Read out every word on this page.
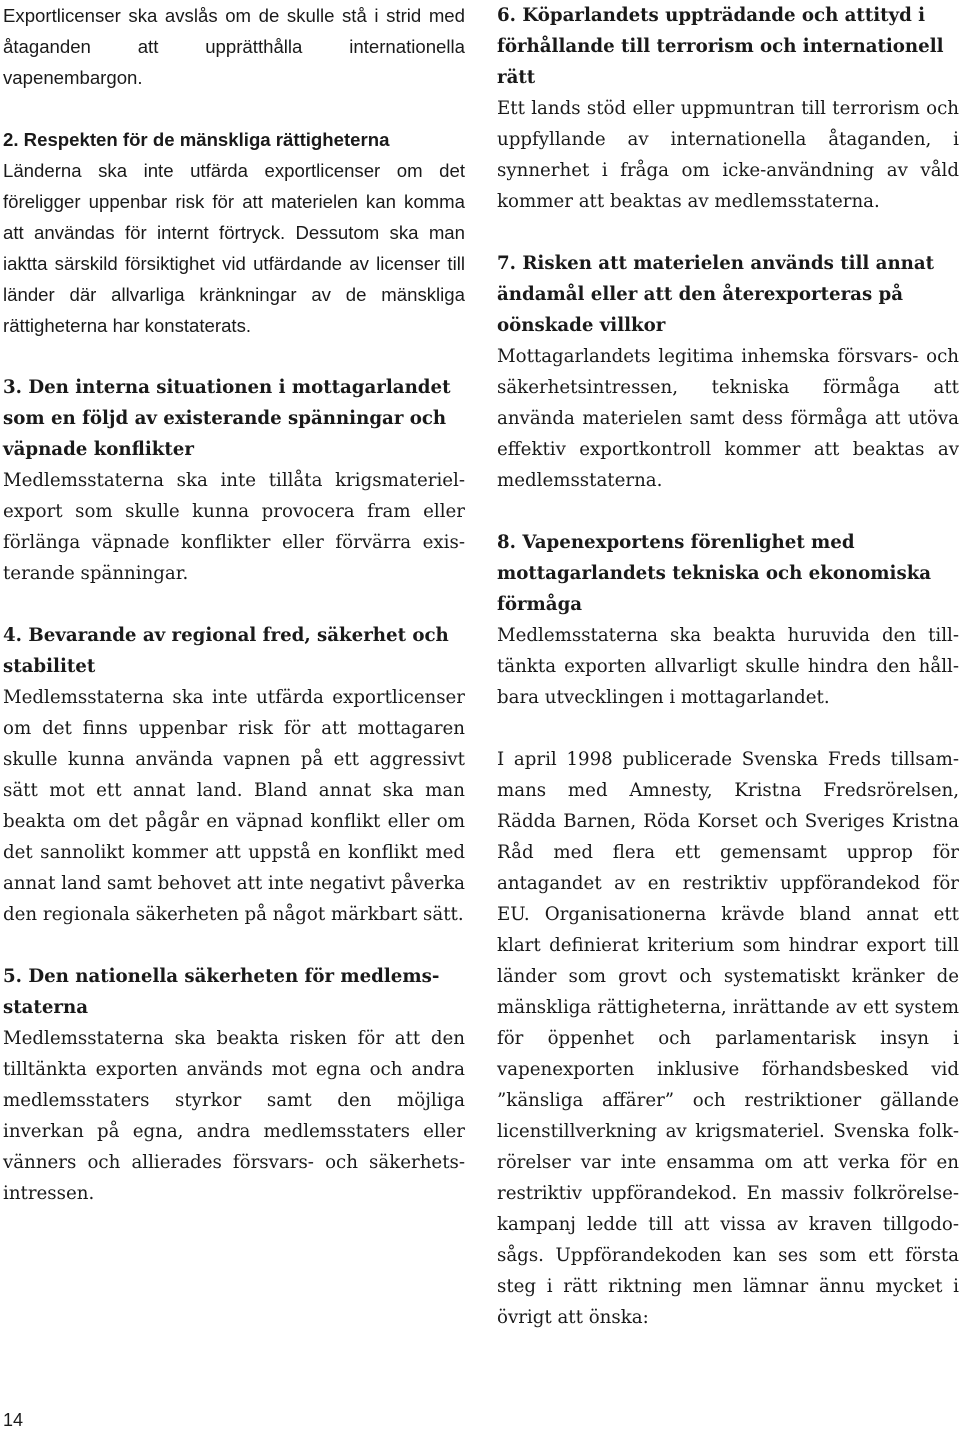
Exportlicenser ska avslås om de skulle stå i strid med åtaganden att upprätthålla internationella vapenembargon.

2. Respekten för de mänskliga rättigheterna
Länderna ska inte utfärda exportlicenser om det föreligger uppenbar risk för att materielen kan komma att användas för internt förtryck. Dessutom ska man iaktta särskild försiktighet vid utfärdande av licenser till länder där allvarliga kränkningar av de mänskliga rättigheterna har konstaterats.
3. Den interna situationen i mottagarlandet som en följd av existerande spänningar och väpnade konflikter
Medlemsstaterna ska inte tillåta krigsmaterielexport som skulle kunna provocera fram eller förlänga väpnade konflikter eller förvärra existerande spänningar.
4. Bevarande av regional fred, säkerhet och stabilitet
Medlemsstaterna ska inte utfärda exportlicenser om det finns uppenbar risk för att mottagaren skulle kunna använda vapnen på ett aggressivt sätt mot ett annat land. Bland annat ska man beakta om det pågår en väpnad konflikt eller om det sannolikt kommer att uppstå en konflikt med annat land samt behovet att inte negativt påverka den regionala säkerheten på något märkbart sätt.
5. Den nationella säkerheten för medlemsstaterna
Medlemsstaterna ska beakta risken för att den tilltänkta exporten används mot egna och andra medlemsstaters styrkor samt den möjliga inverkan på egna, andra medlemsstaters eller vänners och allierades försvars- och säkerhetsintressen.
6. Köparlandets uppträdande och attityd i förhållande till terrorism och internationell rätt
Ett lands stöd eller uppmuntran till terrorism och uppfyllande av internationella åtaganden, i synnerhet i fråga om icke-användning av våld kommer att beaktas av medlemsstaterna.
7. Risken att materielen används till annat ändamål eller att den återexporteras på oönskade villkor
Mottagarlandets legitima inhemska försvars- och säkerhetsintressen, tekniska förmåga att använda materielen samt dess förmåga att utöva effektiv exportkontroll kommer att beaktas av medlemsstaterna.
8. Vapenexportens förenlighet med mottagarlandets tekniska och ekonomiska förmåga
Medlemsstaterna ska beakta huruvida den tilltänkta exporten allvarligt skulle hindra den hållbara utvecklingen i mottagarlandet.

I april 1998 publicerade Svenska Freds tillsammans med Amnesty, Kristna Fredsrörelsen, Rädda Barnen, Röda Korset och Sveriges Kristna Råd med flera ett gemensamt upprop för antagandet av en restriktiv uppförandekod för EU. Organisationerna krävde bland annat ett klart definierat kriterium som hindrar export till länder som grovt och systematiskt kränker de mänskliga rättigheterna, inrättande av ett system för öppenhet och parlamentarisk insyn i vapenexporten inklusive förhandsbesked vid ”känsliga affärer” och restriktioner gällande licenstillverkning av krigsmateriel. Svenska folkrörelser var inte ensamma om att verka för en restriktiv uppförandekod. En massiv folkrörelsekampanj ledde till att vissa av kraven tillgodosågs. Uppförandekoden kan ses som ett första steg i rätt riktning men lämnar ännu mycket i övrigt att önska:

14
